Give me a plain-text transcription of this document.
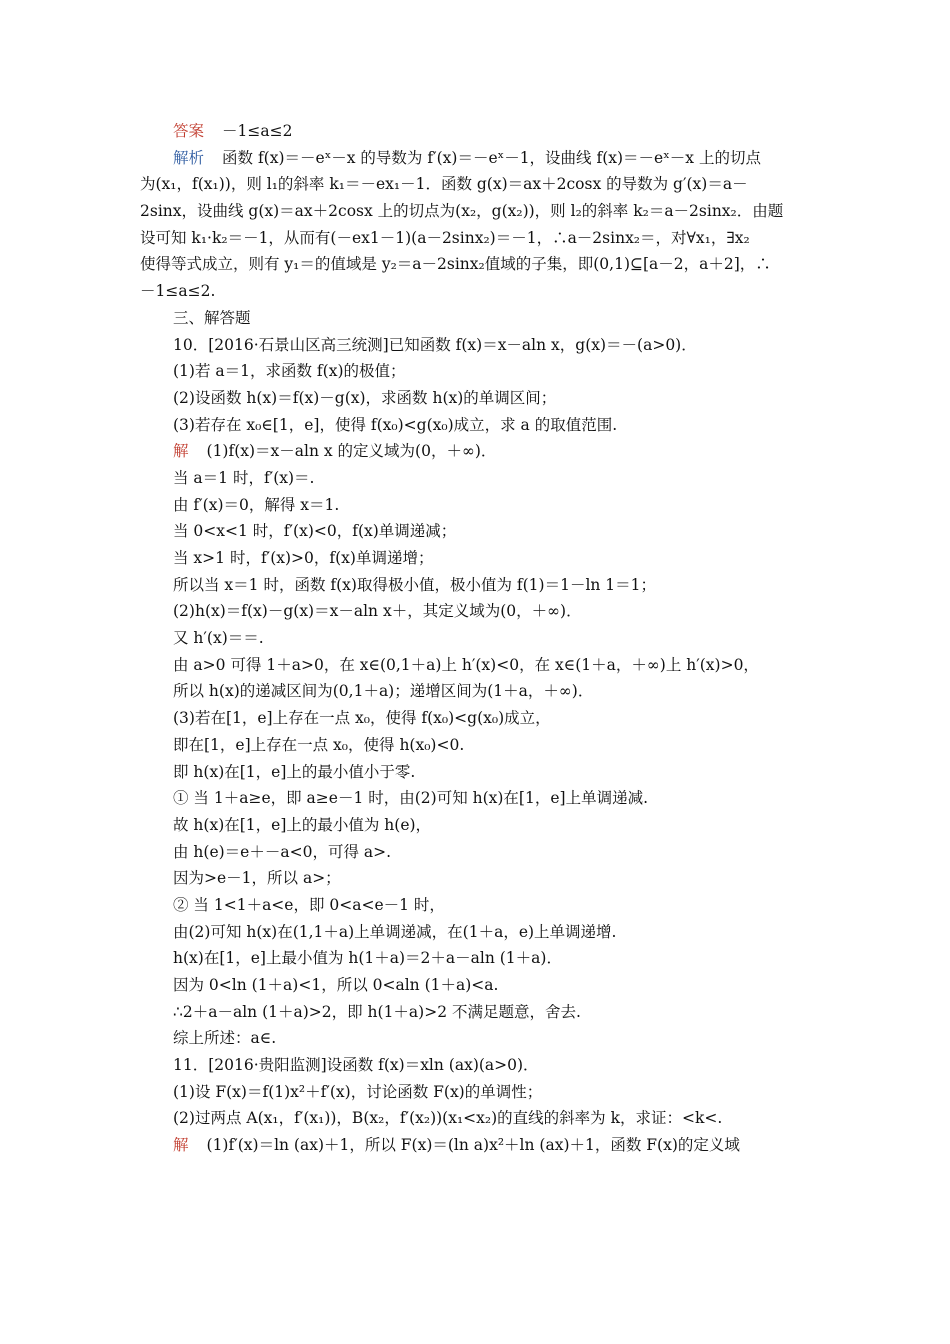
答案 －1≤a≤2
解析 函数 f(x)＝－eˣ－x 的导数为 f′(x)＝－eˣ－1，设曲线 f(x)＝－eˣ－x 上的切点
为(x₁，f(x₁))，则 l₁的斜率 k₁＝－ex₁－1．函数 g(x)＝ax＋2cosx 的导数为 g′(x)＝a－
2sinx，设曲线 g(x)＝ax＋2cosx 上的切点为(x₂，g(x₂))，则 l₂的斜率 k₂＝a－2sinx₂．由题
设可知 k₁·k₂＝－1，从而有(－ex1－1)(a－2sinx₂)＝－1，∴a－2sinx₂＝，对∀x₁，∃x₂
使得等式成立，则有 y₁＝的值域是 y₂＝a－2sinx₂值域的子集，即(0,1)⊆[a－2，a＋2]，∴
－1≤a≤2.
三、解答题
10．[2016·石景山区高三统测]已知函数 f(x)＝x－aln x，g(x)＝－(a>0)．
(1)若 a＝1，求函数 f(x)的极值；
(2)设函数 h(x)＝f(x)－g(x)，求函数 h(x)的单调区间；
(3)若存在 x₀∈[1，e]，使得 f(x₀)<g(x₀)成立，求 a 的取值范围.
解 (1)f(x)＝x－aln x 的定义域为(0，＋∞)．
当 a＝1 时，f′(x)＝.
由 f′(x)＝0，解得 x＝1.
当 0<x<1 时，f′(x)<0，f(x)单调递减；
当 x>1 时，f′(x)>0，f(x)单调递增；
所以当 x＝1 时，函数 f(x)取得极小值，极小值为 f(1)＝1－ln 1＝1；
(2)h(x)＝f(x)－g(x)＝x－aln x＋，其定义域为(0，＋∞)．
又 h′(x)＝＝.
由 a>0 可得 1＋a>0，在 x∈(0,1＋a)上 h′(x)<0，在 x∈(1＋a，＋∞)上 h′(x)>0，
所以 h(x)的递减区间为(0,1＋a)；递增区间为(1＋a，＋∞)．
(3)若在[1，e]上存在一点 x₀，使得 f(x₀)<g(x₀)成立，
即在[1，e]上存在一点 x₀，使得 h(x₀)<0.
即 h(x)在[1，e]上的最小值小于零.
① 当 1＋a≥e，即 a≥e－1 时，由(2)可知 h(x)在[1，e]上单调递减.
故 h(x)在[1，e]上的最小值为 h(e)，
由 h(e)＝e＋－a<0，可得 a>.
因为>e－1，所以 a>；
② 当 1<1＋a<e，即 0<a<e－1 时，
由(2)可知 h(x)在(1,1＋a)上单调递减，在(1＋a，e)上单调递增.
h(x)在[1，e]上最小值为 h(1＋a)＝2＋a－aln (1＋a)．
因为 0<ln (1＋a)<1，所以 0<aln (1＋a)<a.
∴2＋a－aln (1＋a)>2，即 h(1＋a)>2 不满足题意，舍去.
综上所述：a∈.
11．[2016·贵阳监测]设函数 f(x)＝xln (ax)(a>0)．
(1)设 F(x)＝f(1)x²＋f′(x)，讨论函数 F(x)的单调性；
(2)过两点 A(x₁，f′(x₁))，B(x₂，f′(x₂))(x₁<x₂)的直线的斜率为 k，求证：<k<.
解 (1)f′(x)＝ln (ax)＋1，所以 F(x)＝(ln a)x²＋ln (ax)＋1，函数 F(x)的定义域
